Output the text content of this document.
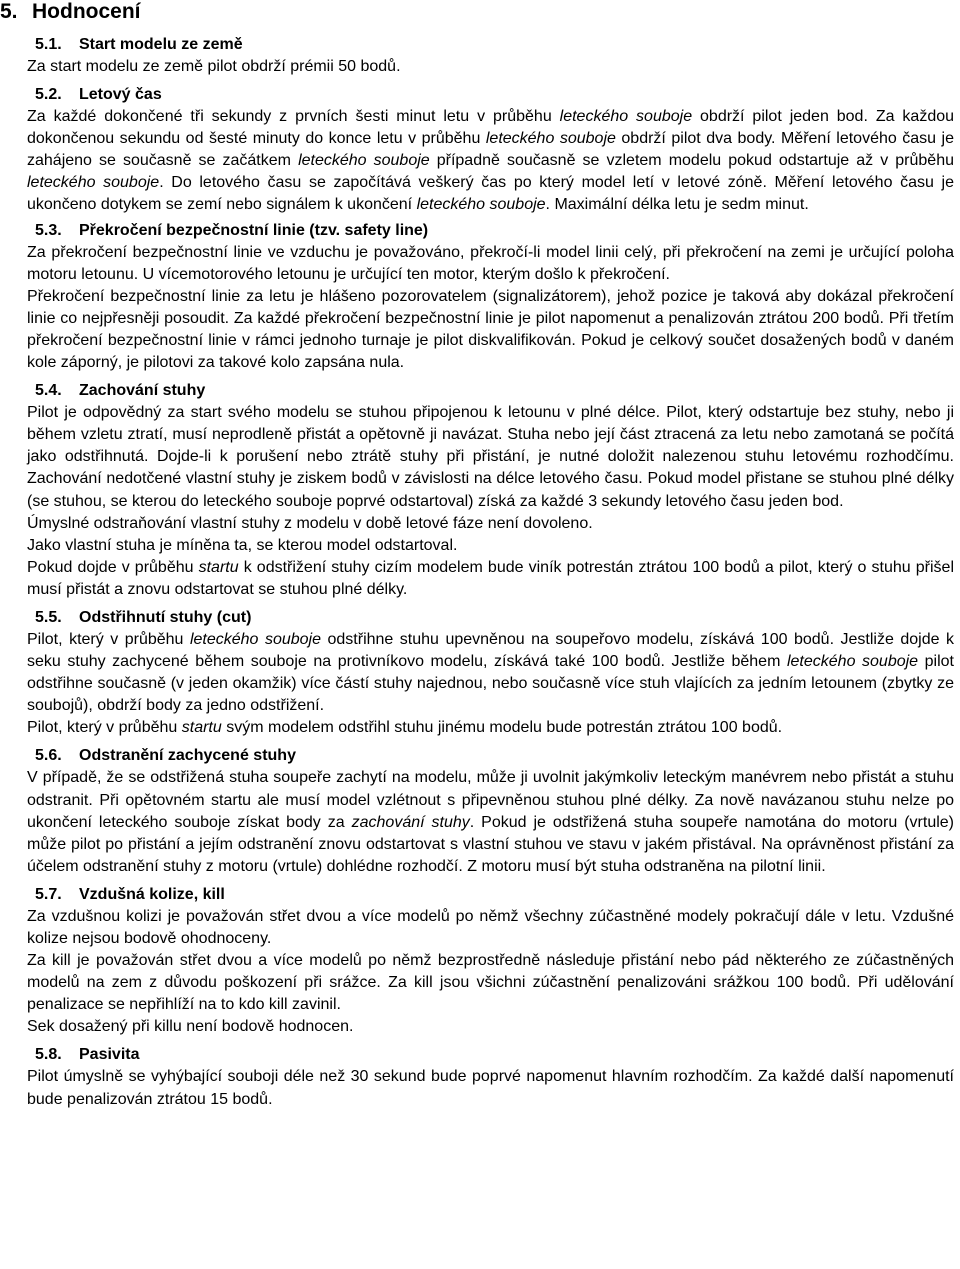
5. Hodnocení
5.1. Start modelu ze země

Za start modelu ze země pilot obdrží prémii 50 bodů.

5.2. Letový čas

Za každé dokončené tři sekundy z prvních šesti minut letu v průběhu leteckého souboje obdrží pilot jeden bod. Za každou dokončenou sekundu od šesté minuty do konce letu v průběhu leteckého souboje obdrží pilot dva body. Měření letového času je zahájeno se současně se začátkem leteckého souboje případně současně se vzletem modelu pokud odstartuje až v průběhu leteckého souboje. Do letového času se započítává veškerý čas po který model letí v letové zóně. Měření letového času je ukončeno dotykem se zemí nebo signálem k ukončení leteckého souboje. Maximální délka letu je sedm minut.

5.3. Překročení bezpečnostní linie (tzv. safety line)

Za překročení bezpečnostní linie ve vzduchu je považováno, překročí-li model linii celý, při překročení na zemi je určující poloha motoru letounu. U vícemotorového letounu je určující ten motor, kterým došlo k překročení.

Překročení bezpečnostní linie za letu je hlášeno pozorovatelem (signalizátorem), jehož pozice je taková aby dokázal překročení linie co nejpřesněji posoudit. Za každé překročení bezpečnostní linie je pilot napomenut a penalizován ztrátou 200 bodů. Při třetím překročení bezpečnostní linie v rámci jednoho turnaje je pilot diskvalifikován. Pokud je celkový součet dosažených bodů v daném kole záporný, je pilotovi za takové kolo zapsána nula.

5.4. Zachování stuhy

Pilot je odpovědný za start svého modelu se stuhou připojenou k letounu v plné délce. Pilot, který odstartuje bez stuhy, nebo ji během vzletu ztratí, musí neprodleně přistát a opětovně ji navázat. Stuha nebo její část ztracená za letu nebo zamotaná se počítá jako odstřihnutá. Dojde-li k porušení nebo ztrátě stuhy při přistání, je nutné doložit nalezenou stuhu letovému rozhodčímu. Zachování nedotčené vlastní stuhy je ziskem bodů v závislosti na délce letového času. Pokud model přistane se stuhou plné délky (se stuhou, se kterou do leteckého souboje poprvé odstartoval) získá za každé 3 sekundy letového času jeden bod.

Úmyslné odstraňování vlastní stuhy z modelu v době letové fáze není dovoleno.

Jako vlastní stuha je míněna ta, se kterou model odstartoval.

Pokud dojde v průběhu startu k odstřižení stuhy cizím modelem bude viník potrestán ztrátou 100 bodů a pilot, který o stuhu přišel musí přistát a znovu odstartovat se stuhou plné délky.

5.5. Odstřihnutí stuhy (cut)

Pilot, který v průběhu leteckého souboje odstřihne stuhu upevněnou na soupeřovo modelu, získává 100 bodů. Jestliže dojde k seku stuhy zachycené během souboje na protivníkovo modelu, získává také 100 bodů. Jestliže během leteckého souboje pilot odstřihne současně (v jeden okamžik) více částí stuhy najednou, nebo současně více stuh vlajících za jedním letounem (zbytky ze soubojů), obdrží body za jedno odstřižení.

Pilot, který v průběhu startu svým modelem odstřihl stuhu jinému modelu bude potrestán ztrátou 100 bodů.

5.6. Odstranění zachycené stuhy

V případě, že se odstřižená stuha soupeře zachytí na modelu, může ji uvolnit jakýmkoliv leteckým manévrem nebo přistát a stuhu odstranit. Při opětovném startu ale musí model vzlétnout s připevněnou stuhou plné délky. Za nově navázanou stuhu nelze po ukončení leteckého souboje získat body za zachování stuhy. Pokud je odstřižená stuha soupeře namotána do motoru (vrtule) může pilot po přistání a jejím odstranění znovu odstartovat s vlastní stuhou ve stavu v jakém přistával. Na oprávněnost přistání za účelem odstranění stuhy z motoru (vrtule) dohlédne rozhodčí. Z motoru musí být stuha odstraněna na pilotní linii.

5.7. Vzdušná kolize, kill

Za vzdušnou kolizi je považován střet dvou a více modelů po němž všechny zúčastněné modely pokračují dále v letu. Vzdušné kolize nejsou bodově ohodnoceny.

Za kill je považován střet dvou a více modelů po němž bezprostředně následuje přistání nebo pád některého ze zúčastněných modelů na zem z důvodu poškození při srážce. Za kill jsou všichni zúčastnění penalizováni srážkou 100 bodů. Při udělování penalizace se nepřihlíží na to kdo kill zavinil.

Sek dosažený při killu není bodově hodnocen.

5.8. Pasivita

Pilot úmyslně se vyhýbající souboji déle než 30 sekund bude poprvé napomenut hlavním rozhodčím. Za každé další napomenutí bude penalizován ztrátou 15 bodů.
